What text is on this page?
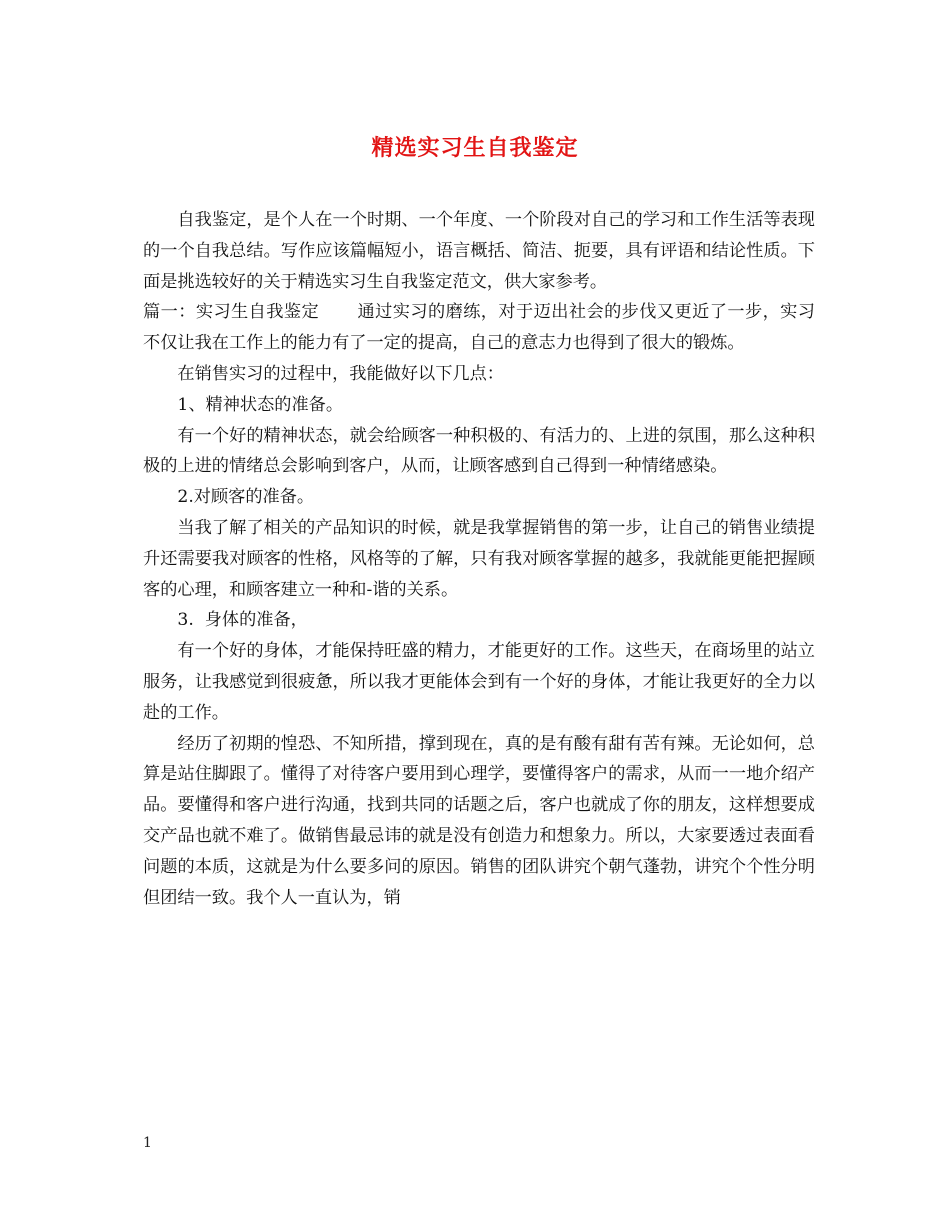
精选实习生自我鉴定

自我鉴定，是个人在一个时期、一个年度、一个阶段对自己的学习和工作生活等表现的一个自我总结。写作应该篇幅短小，语言概括、简洁、扼要，具有评语和结论性质。下面是挑选较好的关于精选实习生自我鉴定范文，供大家参考。

篇一：实习生自我鉴定 通过实习的磨练，对于迈出社会的步伐又更近了一步，实习不仅让我在工作上的能力有了一定的提高，自己的意志力也得到了很大的锻炼。

在销售实习的过程中，我能做好以下几点：

1、精神状态的准备。

有一个好的精神状态，就会给顾客一种积极的、有活力的、上进的氛围，那么这种积极的上进的情绪总会影响到客户，从而，让顾客感到自己得到一种情绪感染。

2.对顾客的准备。

当我了解了相关的产品知识的时候，就是我掌握销售的第一步，让自己的销售业绩提升还需要我对顾客的性格，风格等的了解，只有我对顾客掌握的越多，我就能更能把握顾客的心理，和顾客建立一种和-谐的关系。

3.  身体的准备，

有一个好的身体，才能保持旺盛的精力，才能更好的工作。这些天，在商场里的站立服务，让我感觉到很疲惫，所以我才更能体会到有一个好的身体，才能让我更好的全力以赴的工作。

经历了初期的惶恐、不知所措，撑到现在，真的是有酸有甜有苦有辣。无论如何，总算是站住脚跟了。懂得了对待客户要用到心理学，要懂得客户的需求，从而一一地介绍产品。要懂得和客户进行沟通，找到共同的话题之后，客户也就成了你的朋友，这样想要成交产品也就不难了。做销售最忌讳的就是没有创造力和想象力。所以，大家要透过表面看问题的本质，这就是为什么要多问的原因。销售的团队讲究个朝气蓬勃，讲究个个性分明但团结一致。我个人一直认为，销

1
